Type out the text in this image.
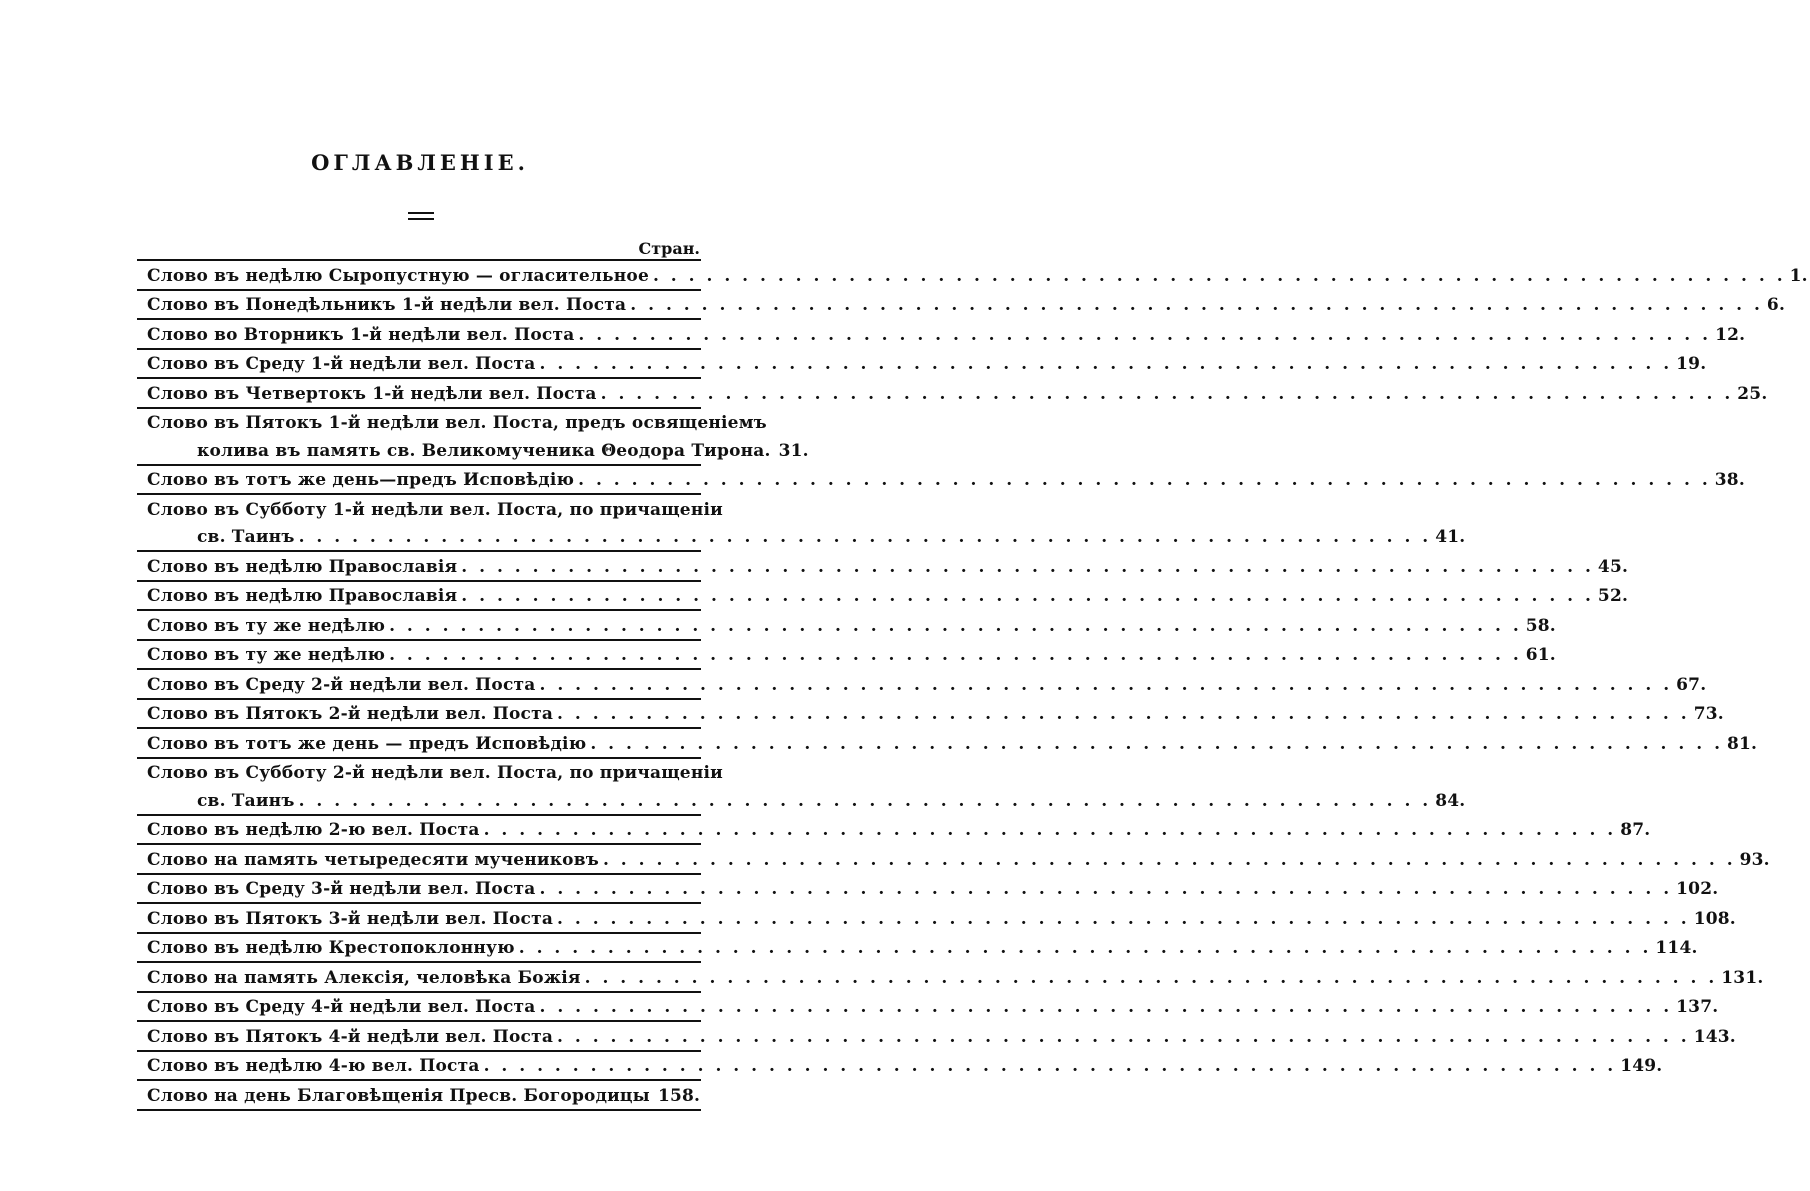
ОГЛАВЛЕНIЕ.
Стран.
Слово въ недѣлю Сыропустную — огласительное . . .	1.
Слово въ Понедѣльникъ 1-й недѣли вел. Поста . . .	6.
Слово во Вторникъ 1-й недѣли вел. Поста . . .	12.
Слово въ Среду 1-й недѣли вел. Поста . . .	19.
Слово въ Четвертокъ 1-й недѣли вел. Поста . . .	25.
Слово въ Пятокъ 1-й недѣли вел. Поста, предъ освященiемъ
колива въ память св. Великомученика Θеодора Тирона. 31.
Слово въ тотъ же день—предъ Исповѣдiю . . .	38.
Слово въ Субботу 1-й недѣли вел. Поста, по причащенiи
св. Таинъ . . .	41.
Слово въ недѣлю Православiя . . .	45.
Слово въ недѣлю Православiя . . .	52.
Слово въ ту же недѣлю . . .	58.
Слово въ ту же недѣлю . . .	61.
Слово въ Среду 2-й недѣли вел. Поста . . .	67.
Слово въ Пятокъ 2-й недѣли вел. Поста . . .	73.
Слово въ тотъ же день — предъ Исповѣдiю . . .	81.
Слово въ Субботу 2-й недѣли вел. Поста, по причащенiи
св. Таинъ . . .	84.
Слово въ недѣлю 2-ю вел. Поста . . .	87.
Слово на память четыредесяти мучениковъ . . .	93.
Слово въ Среду 3-й недѣли вел. Поста . . .	102.
Слово въ Пятокъ 3-й недѣли вел. Поста . . .	108.
Слово въ недѣлю Крестопоклонную . . .	114.
Слово на память Алексiя, человѣка Божiя . . .	131.
Слово въ Среду 4-й недѣли вел. Поста . . .	137.
Слово въ Пятокъ 4-й недѣли вел. Поста . . .	143.
Слово въ недѣлю 4-ю вел. Поста . . .	149.
Слово на день Благовѣщенiя Пресв. Богородицы 158.
